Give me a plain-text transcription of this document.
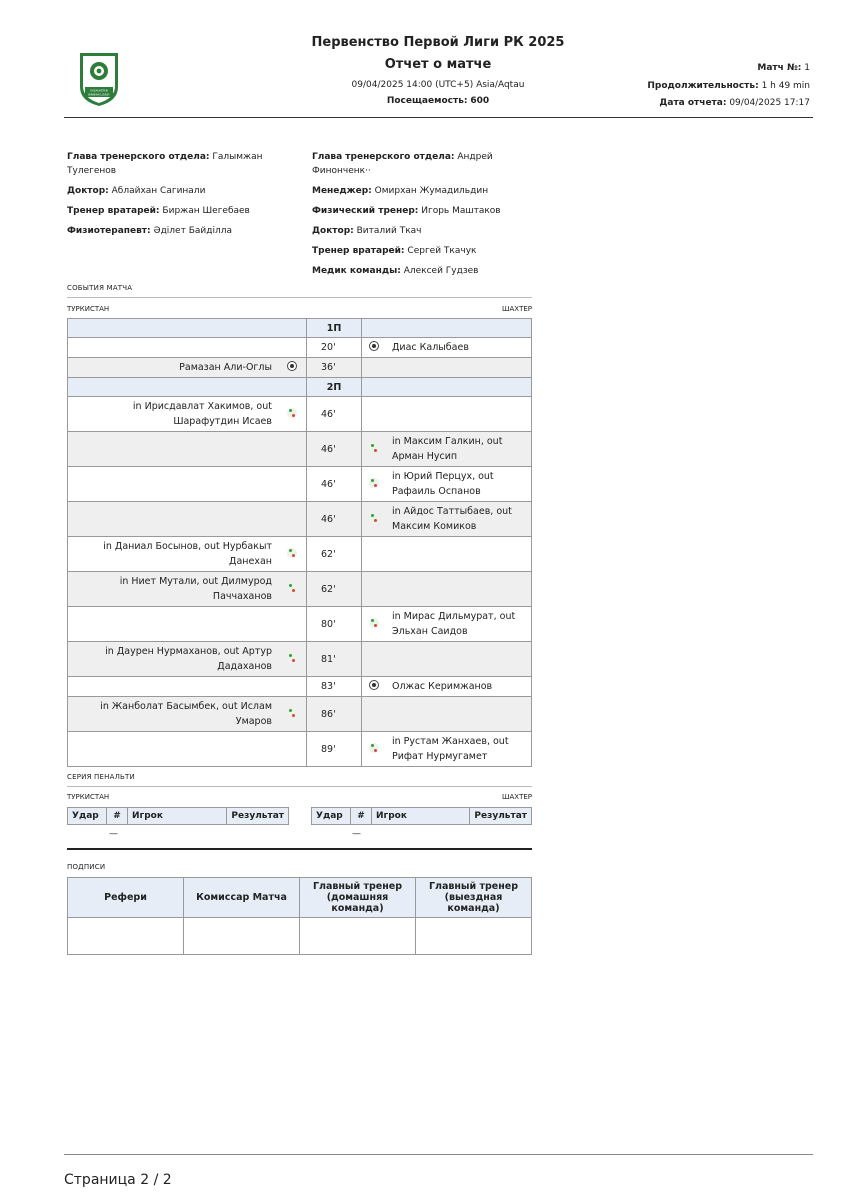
KAZAKHSTAN
BIRINSHI LIGASY
Первенство Первой Лиги РК 2025
Отчет о матче
09/04/2025 14:00 (UTC+5) Asia/Aqtau
Посещаемость: 600
Матч №: 1
Продолжительность: 1 h 49 min
Дата отчета: 09/04/2025 17:17
Глава тренерского отдела: Галымжан Тулегенов
Доктор: Аблайхан Сагинали
Тренер вратарей: Биржан Шегебаев
Физиотерапевт: Әділет Байділла
Глава тренерского отдела: Андрей Финонченк··
Менеджер: Омирхан Жумадильдин
Физический тренер: Игорь Маштаков
Доктор: Виталий Ткач
Тренер вратарей: Сергей Ткачук
Медик команды: Алексей Гудзев
СОБЫТИЯ МАТЧА
ТУРКИСТАН	ШАХТЕР
		1П		
		20'		Диас Калыбаев
Рамазан Али-Оглы		36'		
		2П		
in Ирисдавлат Хакимов, out Шарафутдин Исаев		46'		
		46'		in Максим Галкин, out Арман Нусип
		46'		in Юрий Перцух, out Рафаиль Оспанов
		46'		in Айдос Таттыбаев, out Максим Комиков
in Даниал Босынов, out Нурбакыт Данехан		62'		
in Ниет Мутали, out Дилмурод Паччаханов		62'		
		80'		in Мирас Дильмурат, out Эльхан Саидов
in Даурен Нурмаханов, out Артур Дадаханов		81'		
		83'		Олжас Керимжанов
in Жанболат Басымбек, out Ислам Умаров		86'		
		89'		in Рустам Жанхаев, out Рифат Нурмугамет
СЕРИЯ ПЕНАЛЬТИ
ТУРКИСТАН	ШАХТЕР
Удар	#	Игрок	Результат	Удар	#	Игрок	Результат
—	—
ПОДПИСИ
Рефери	Комиссар Матча	Главный тренер (домашняя команда)	Главный тренер (выездная команда)

Страница 2 / 2
